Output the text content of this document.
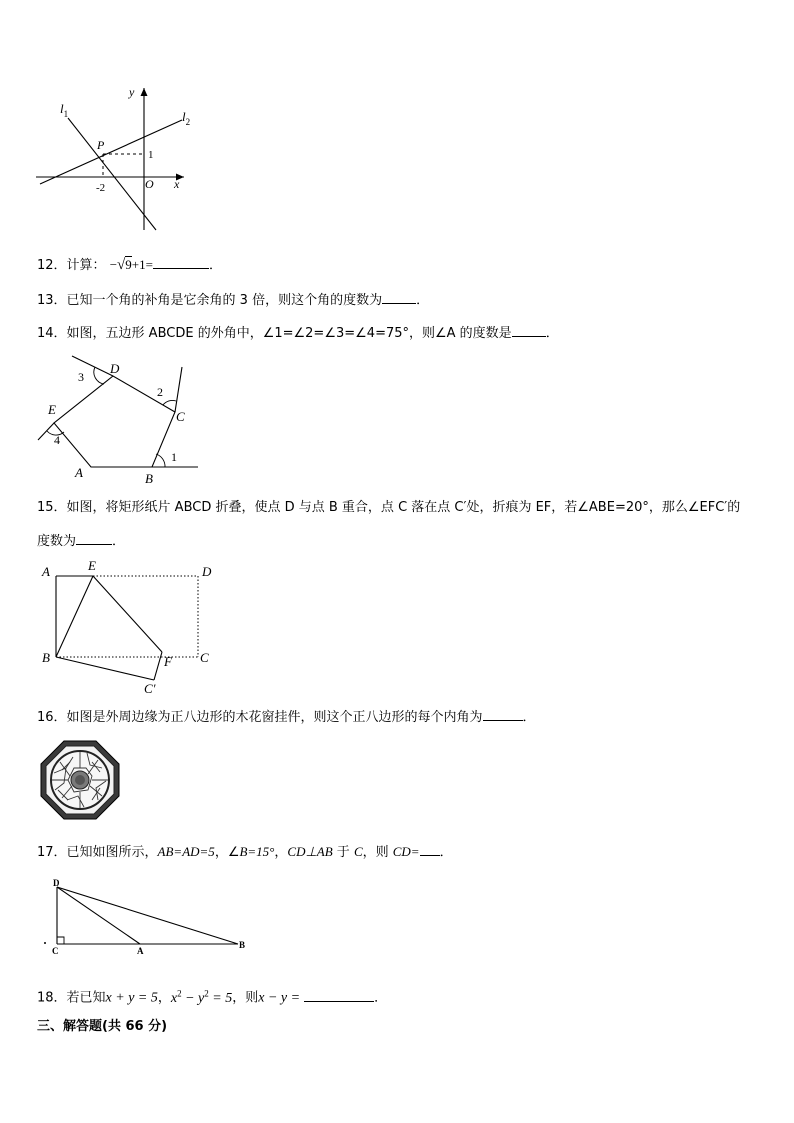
y
x
$l_1$	$l_2$
P
O
1
-2
12．计算： −√9+1=	．
13．已知一个角的补角是它余角的 3 倍，则这个角的度数为	．
14．如图，五边形 ABCDE 的外角中，∠1=∠2=∠3=∠4=75°，则∠A 的度数是	．
D
C
E
A	B
1
2
3
4
15．如图，将矩形纸片 ABCD 折叠，使点 D 与点 B 重合，点 C 落在点 C′处，折痕为 EF，若∠ABE=20°，那么∠EFC′的
度数为	．
A	E	D
B	F C
C′
16．如图是外周边缘为正八边形的木花窗挂件，则这个正八边形的每个内角为	．
17．已知如图所示，AB=AD=5，∠B=15°，CD⊥AB 于 C，则 CD= ．
D
C	A
B
18．若已知x + y = 5，$x^2 - y^2 = 5$，则x − y =	．
三、解答题(共 66 分)
